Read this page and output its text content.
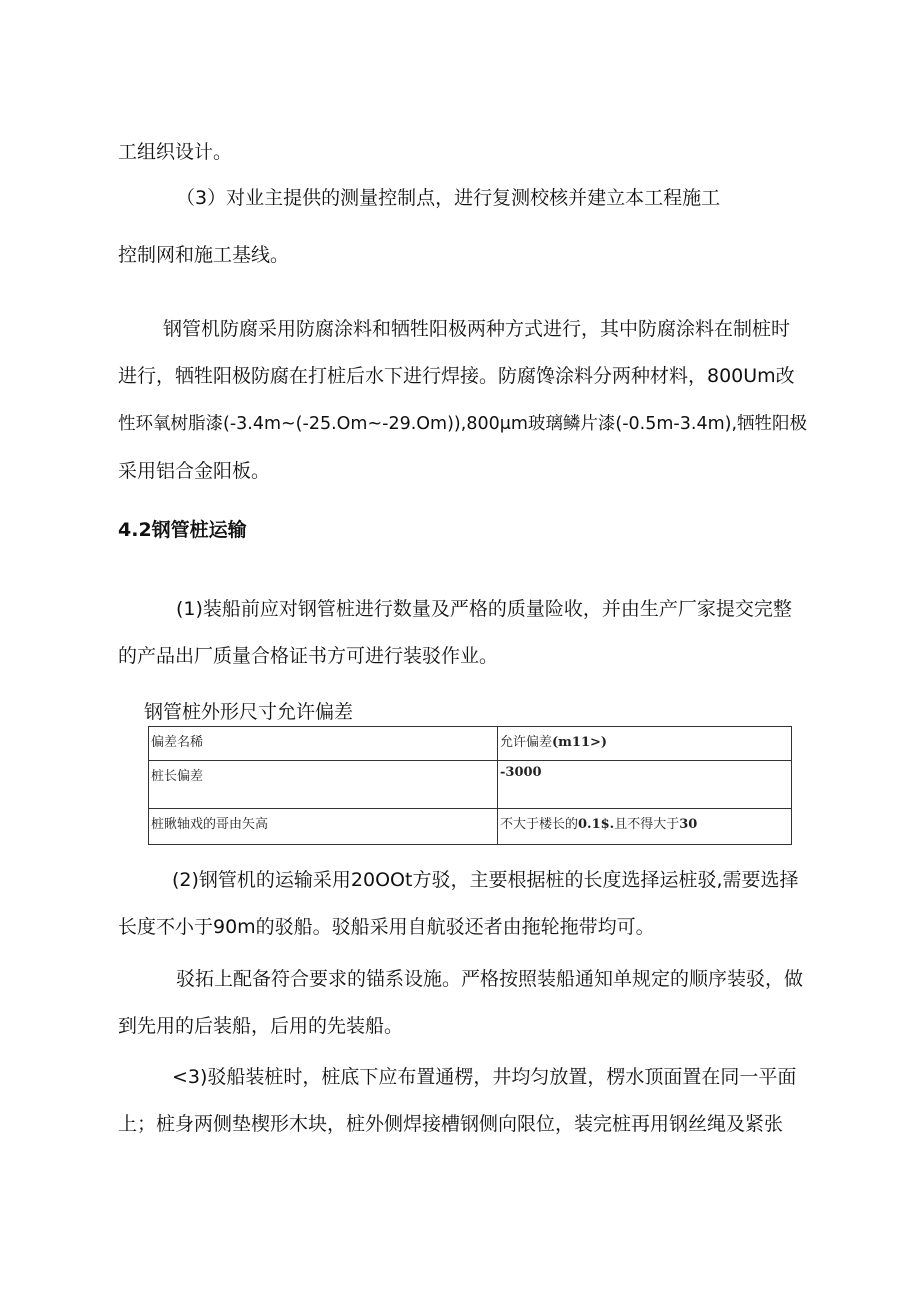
工组织设计。
（3）对业主提供的测量控制点，进行复测校核并建立本工程施工
控制网和施工基线。
钢管机防腐采用防腐涂料和牺牲阳极两种方式进行，其中防腐涂料在制桩时
进行，牺牲阳极防腐在打桩后水下进行焊接。防腐馋涂料分两种材料，800Um改
性环氧树脂漆(-3.4m~(-25.Om~-29.Om)),800μm玻璃鳞片漆(-0.5m-3.4m),牺牲阳极
采用铝合金阳板。
4.2钢管桩运输
(1)装船前应对钢管桩进行数量及严格的质量险收，并由生产厂家提交完整
的产品出厂质量合格证书方可进行装驳作业。
钢管桩外形尺寸允许偏差
偏差名稀	允许偏差(m11>)
桩长偏差	-3000
桩瞅轴戏的哥由矢高	不大于楼长的0.1$.且不得大于30
(2)钢管机的运输采用20OOt方驳，主要根据桩的长度选择运桩驳,需要选择
长度不小于90m的驳船。驳船采用自航驳还者由拖轮拖带均可。
驳拓上配备符合要求的锚系设施。严格按照装船通知单规定的顺序装驳，做
到先用的后装船，后用的先装船。
<3)驳船装桩时，桩底下应布置通楞，井均匀放置，楞水顶面置在同一平面
上；桩身两侧垫楔形木块，桩外侧焊接槽钢侧向限位，装完桩再用钢丝绳及紧张
